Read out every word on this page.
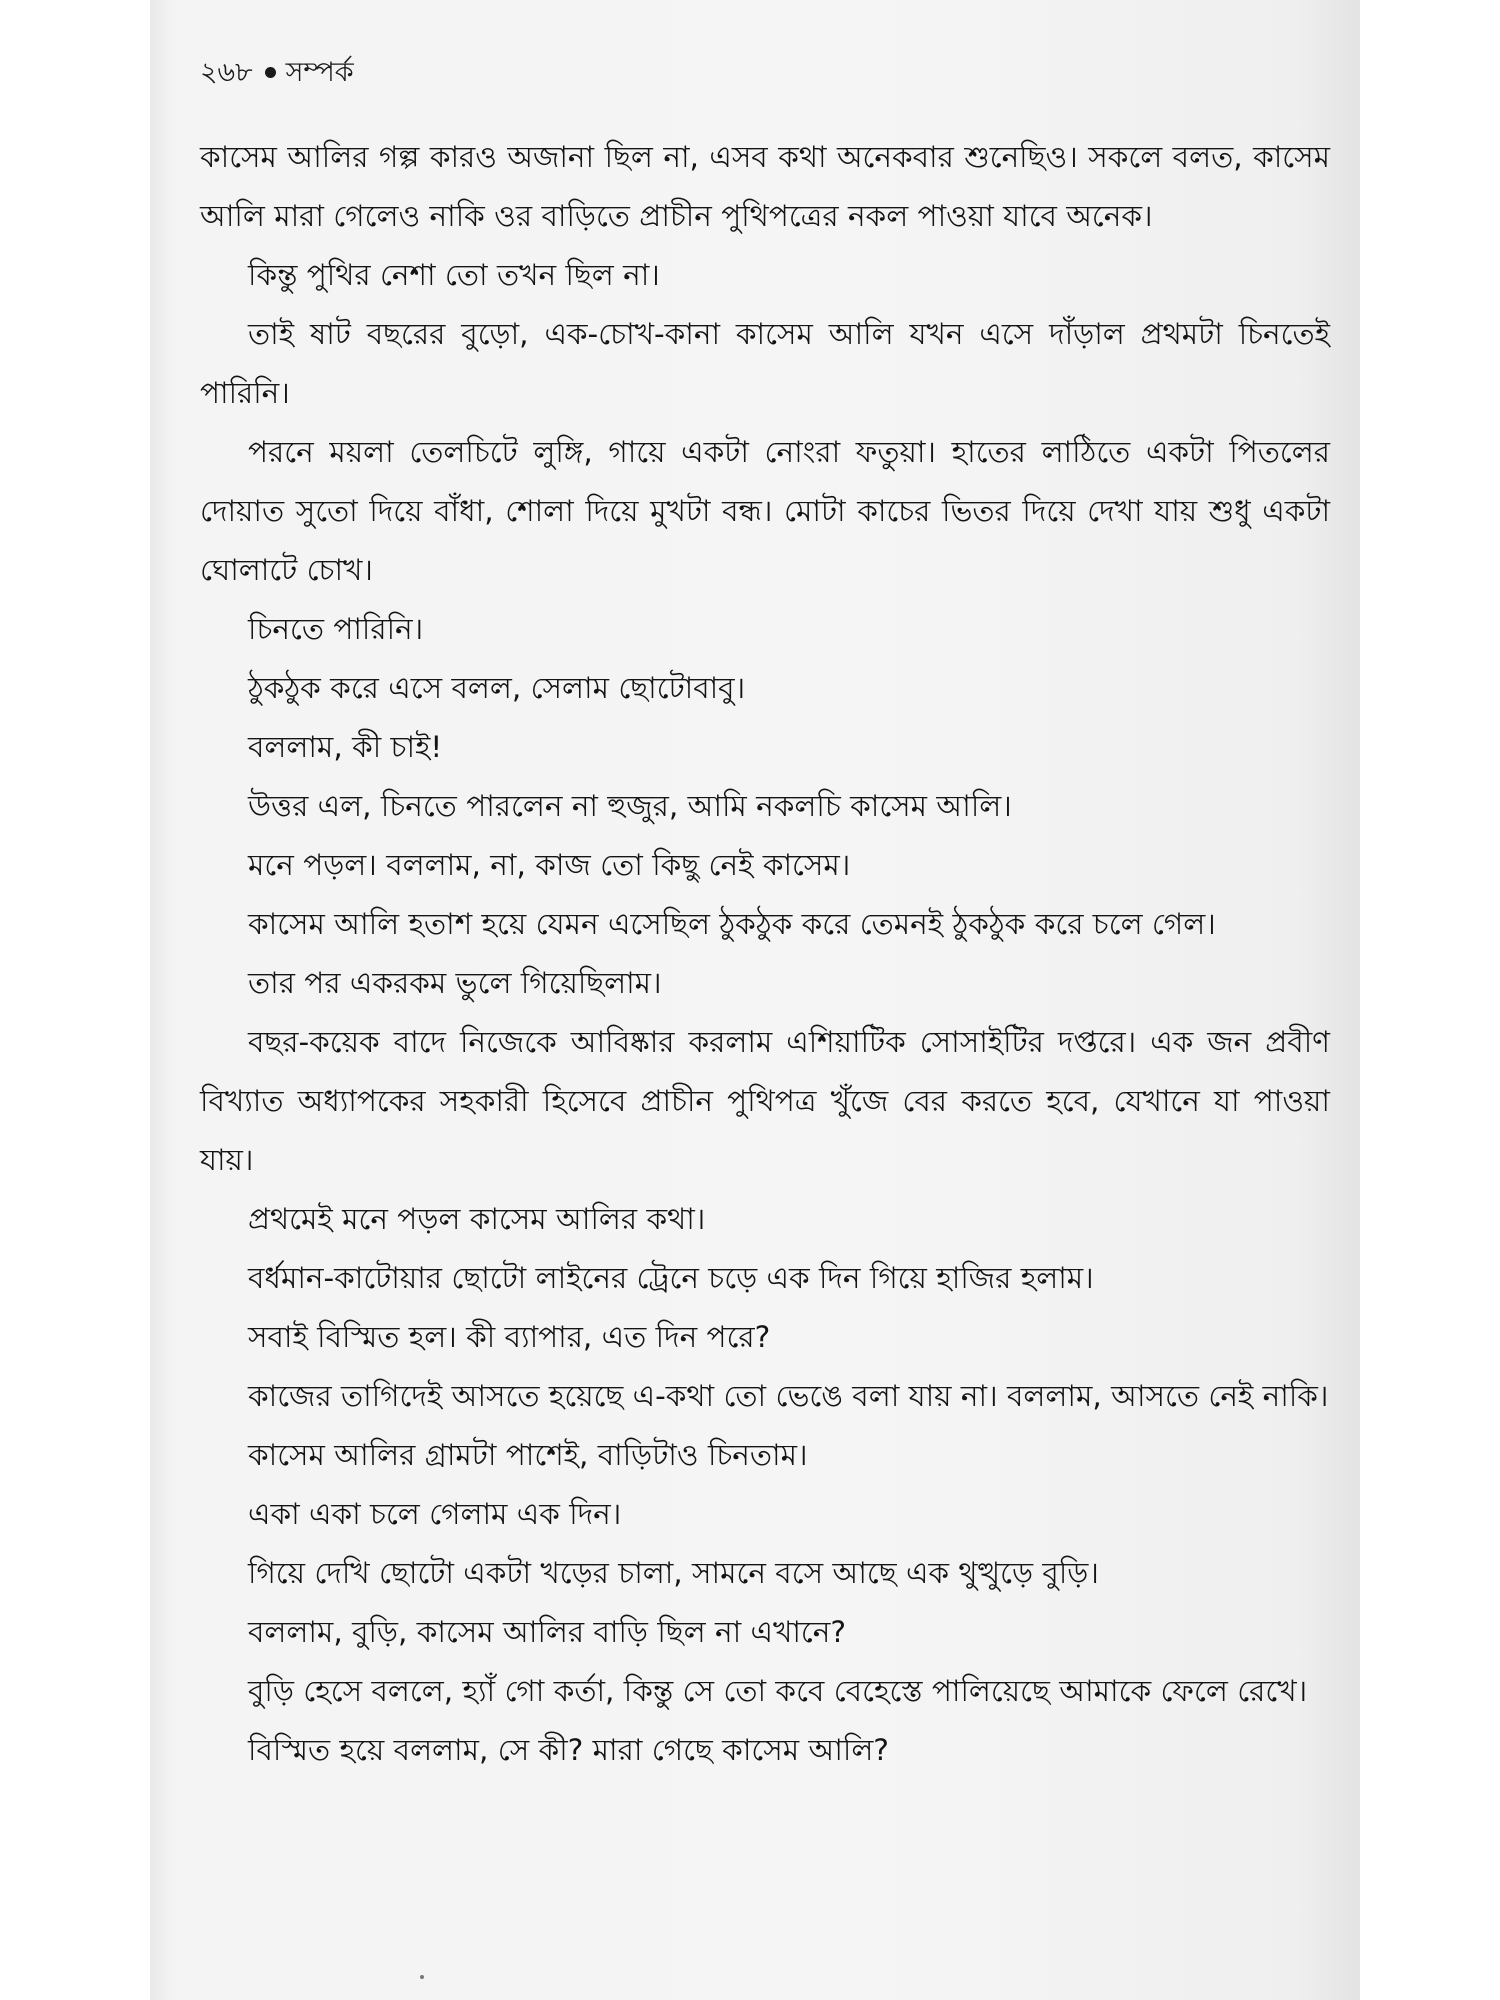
২৬৮ সম্পর্ক

কাসেম আলির গল্প কারও অজানা ছিল না, এসব কথা অনেকবার শুনেছিও। সকলে বলত, কাসেম আলি মারা গেলেও নাকি ওর বাড়িতে প্রাচীন পুথিপত্রের নকল পাওয়া যাবে অনেক।

কিন্তু পুথির নেশা তো তখন ছিল না।

তাই ষাট বছরের বুড়ো, এক-চোখ-কানা কাসেম আলি যখন এসে দাঁড়াল প্রথমটা চিনতেই পারিনি।

পরনে ময়লা তেলচিটে লুঙ্গি, গায়ে একটা নোংরা ফতুয়া। হাতের লাঠিতে একটা পিতলের দোয়াত সুতো দিয়ে বাঁধা, শোলা দিয়ে মুখটা বন্ধ। মোটা কাচের ভিতর দিয়ে দেখা যায় শুধু একটা ঘোলাটে চোখ।

চিনতে পারিনি।

ঠুকঠুক করে এসে বলল, সেলাম ছোটোবাবু।

বললাম, কী চাই!

উত্তর এল, চিনতে পারলেন না হুজুর, আমি নকলচি কাসেম আলি।

মনে পড়ল। বললাম, না, কাজ তো কিছু নেই কাসেম।

কাসেম আলি হতাশ হয়ে যেমন এসেছিল ঠুকঠুক করে তেমনই ঠুকঠুক করে চলে গেল।

তার পর একরকম ভুলে গিয়েছিলাম।

বছর-কয়েক বাদে নিজেকে আবিষ্কার করলাম এশিয়াটিক সোসাইটির দপ্তরে। এক জন প্রবীণ বিখ্যাত অধ্যাপকের সহকারী হিসেবে প্রাচীন পুথিপত্র খুঁজে বের করতে হবে, যেখানে যা পাওয়া যায়।

প্রথমেই মনে পড়ল কাসেম আলির কথা।

বর্ধমান-কাটোয়ার ছোটো লাইনের ট্রেনে চড়ে এক দিন গিয়ে হাজির হলাম।

সবাই বিস্মিত হল। কী ব্যাপার, এত দিন পরে?

কাজের তাগিদেই আসতে হয়েছে এ-কথা তো ভেঙে বলা যায় না। বললাম, আসতে নেই নাকি।

কাসেম আলির গ্রামটা পাশেই, বাড়িটাও চিনতাম।

একা একা চলে গেলাম এক দিন।

গিয়ে দেখি ছোটো একটা খড়ের চালা, সামনে বসে আছে এক থুত্থুড়ে বুড়ি।

বললাম, বুড়ি, কাসেম আলির বাড়ি ছিল না এখানে?

বুড়ি হেসে বললে, হ্যাঁ গো কর্তা, কিন্তু সে তো কবে বেহেস্তে পালিয়েছে আমাকে ফেলে রেখে।

বিস্মিত হয়ে বললাম, সে কী? মারা গেছে কাসেম আলি?
